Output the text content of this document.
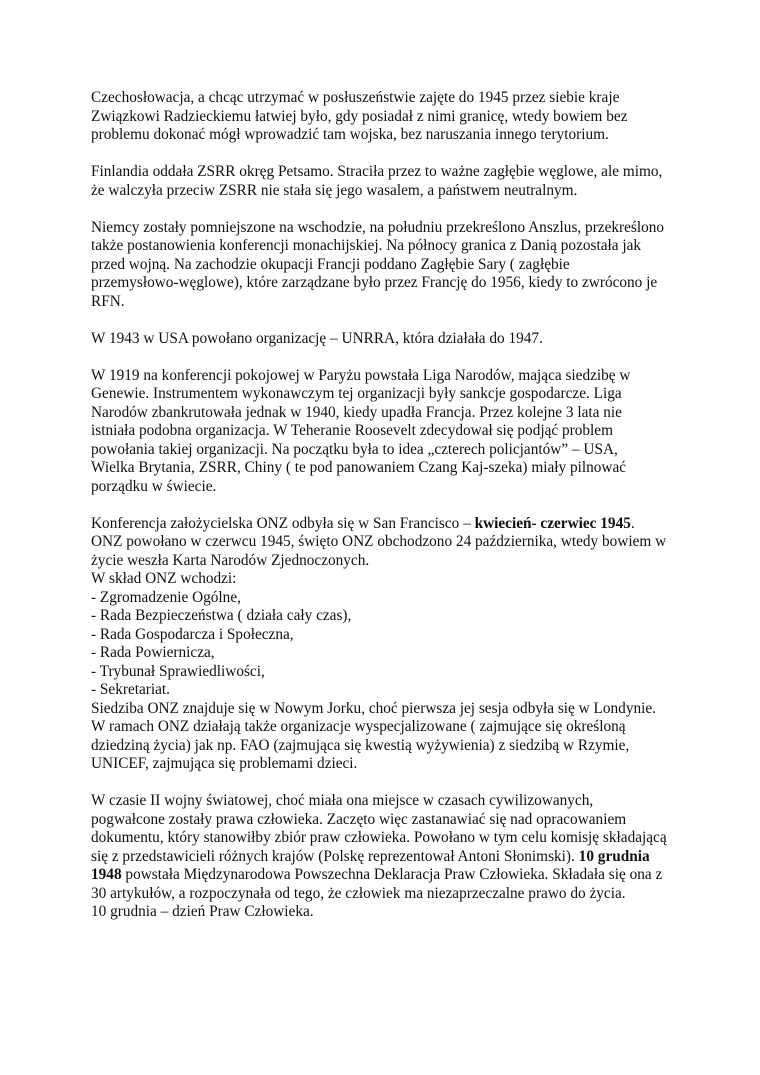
Czechosłowacja, a chcąc utrzymać w posłuszeństwie zajęte do 1945 przez siebie kraje
Związkowi Radzieckiemu łatwiej było, gdy posiadał z nimi granicę, wtedy bowiem bez
problemu dokonać mógł wprowadzić tam wojska, bez naruszania innego terytorium.
Finlandia oddała ZSRR okręg Petsamo. Straciła przez to ważne zagłębie węglowe, ale mimo,
że walczyła przeciw ZSRR nie stała się jego wasalem, a państwem neutralnym.
Niemcy zostały pomniejszone na wschodzie, na południu przekreślono Anszlus, przekreślono
także postanowienia konferencji monachijskiej. Na północy granica z Danią pozostała jak
przed wojną. Na zachodzie okupacji Francji poddano Zagłębie Sary ( zagłębie
przemysłowo-węglowe), które zarządzane było przez Francję do 1956, kiedy to zwrócono je
RFN.
W 1943 w USA powołano organizację – UNRRA, która działała do 1947.
W 1919 na konferencji pokojowej w Paryżu powstała Liga Narodów, mająca siedzibę w
Genewie. Instrumentem wykonawczym tej organizacji były sankcje gospodarcze. Liga
Narodów zbankrutowała jednak w 1940, kiedy upadła Francja. Przez kolejne 3 lata nie
istniała podobna organizacja. W Teheranie Roosevelt zdecydował się podjąć problem
powołania takiej organizacji. Na początku była to idea „czterech policjantów” – USA,
Wielka Brytania, ZSRR, Chiny ( te pod panowaniem Czang Kaj-szeka) miały pilnować
porządku w świecie.
Konferencja założycielska ONZ odbyła się w San Francisco – kwiecień- czerwiec 1945.
ONZ powołano w czerwcu 1945, święto ONZ obchodzono 24 października, wtedy bowiem w
życie weszła Karta Narodów Zjednoczonych.
W skład ONZ wchodzi:
- Zgromadzenie Ogólne,
- Rada Bezpieczeństwa ( działa cały czas),
- Rada Gospodarcza i Społeczna,
- Rada Powiernicza,
- Trybunał Sprawiedliwości,
- Sekretariat.
Siedziba ONZ znajduje się w Nowym Jorku, choć pierwsza jej sesja odbyła się w Londynie.
W ramach ONZ działają także organizacje wyspecjalizowane ( zajmujące się określoną
dziedziną życia) jak np. FAO (zajmująca się kwestią wyżywienia) z siedzibą w Rzymie,
UNICEF, zajmująca się problemami dzieci.
W czasie II wojny światowej, choć miała ona miejsce w czasach cywilizowanych,
pogwałcone zostały prawa człowieka. Zaczęto więc zastanawiać się nad opracowaniem
dokumentu, który stanowiłby zbiór praw człowieka. Powołano w tym celu komisję składającą
się z przedstawicieli różnych krajów (Polskę reprezentował Antoni Słonimski). 10 grudnia
1948 powstała Międzynarodowa Powszechna Deklaracja Praw Człowieka. Składała się ona z
30 artykułów, a rozpoczynała od tego, że człowiek ma niezaprzeczalne prawo do życia.
10 grudnia – dzień Praw Człowieka.
